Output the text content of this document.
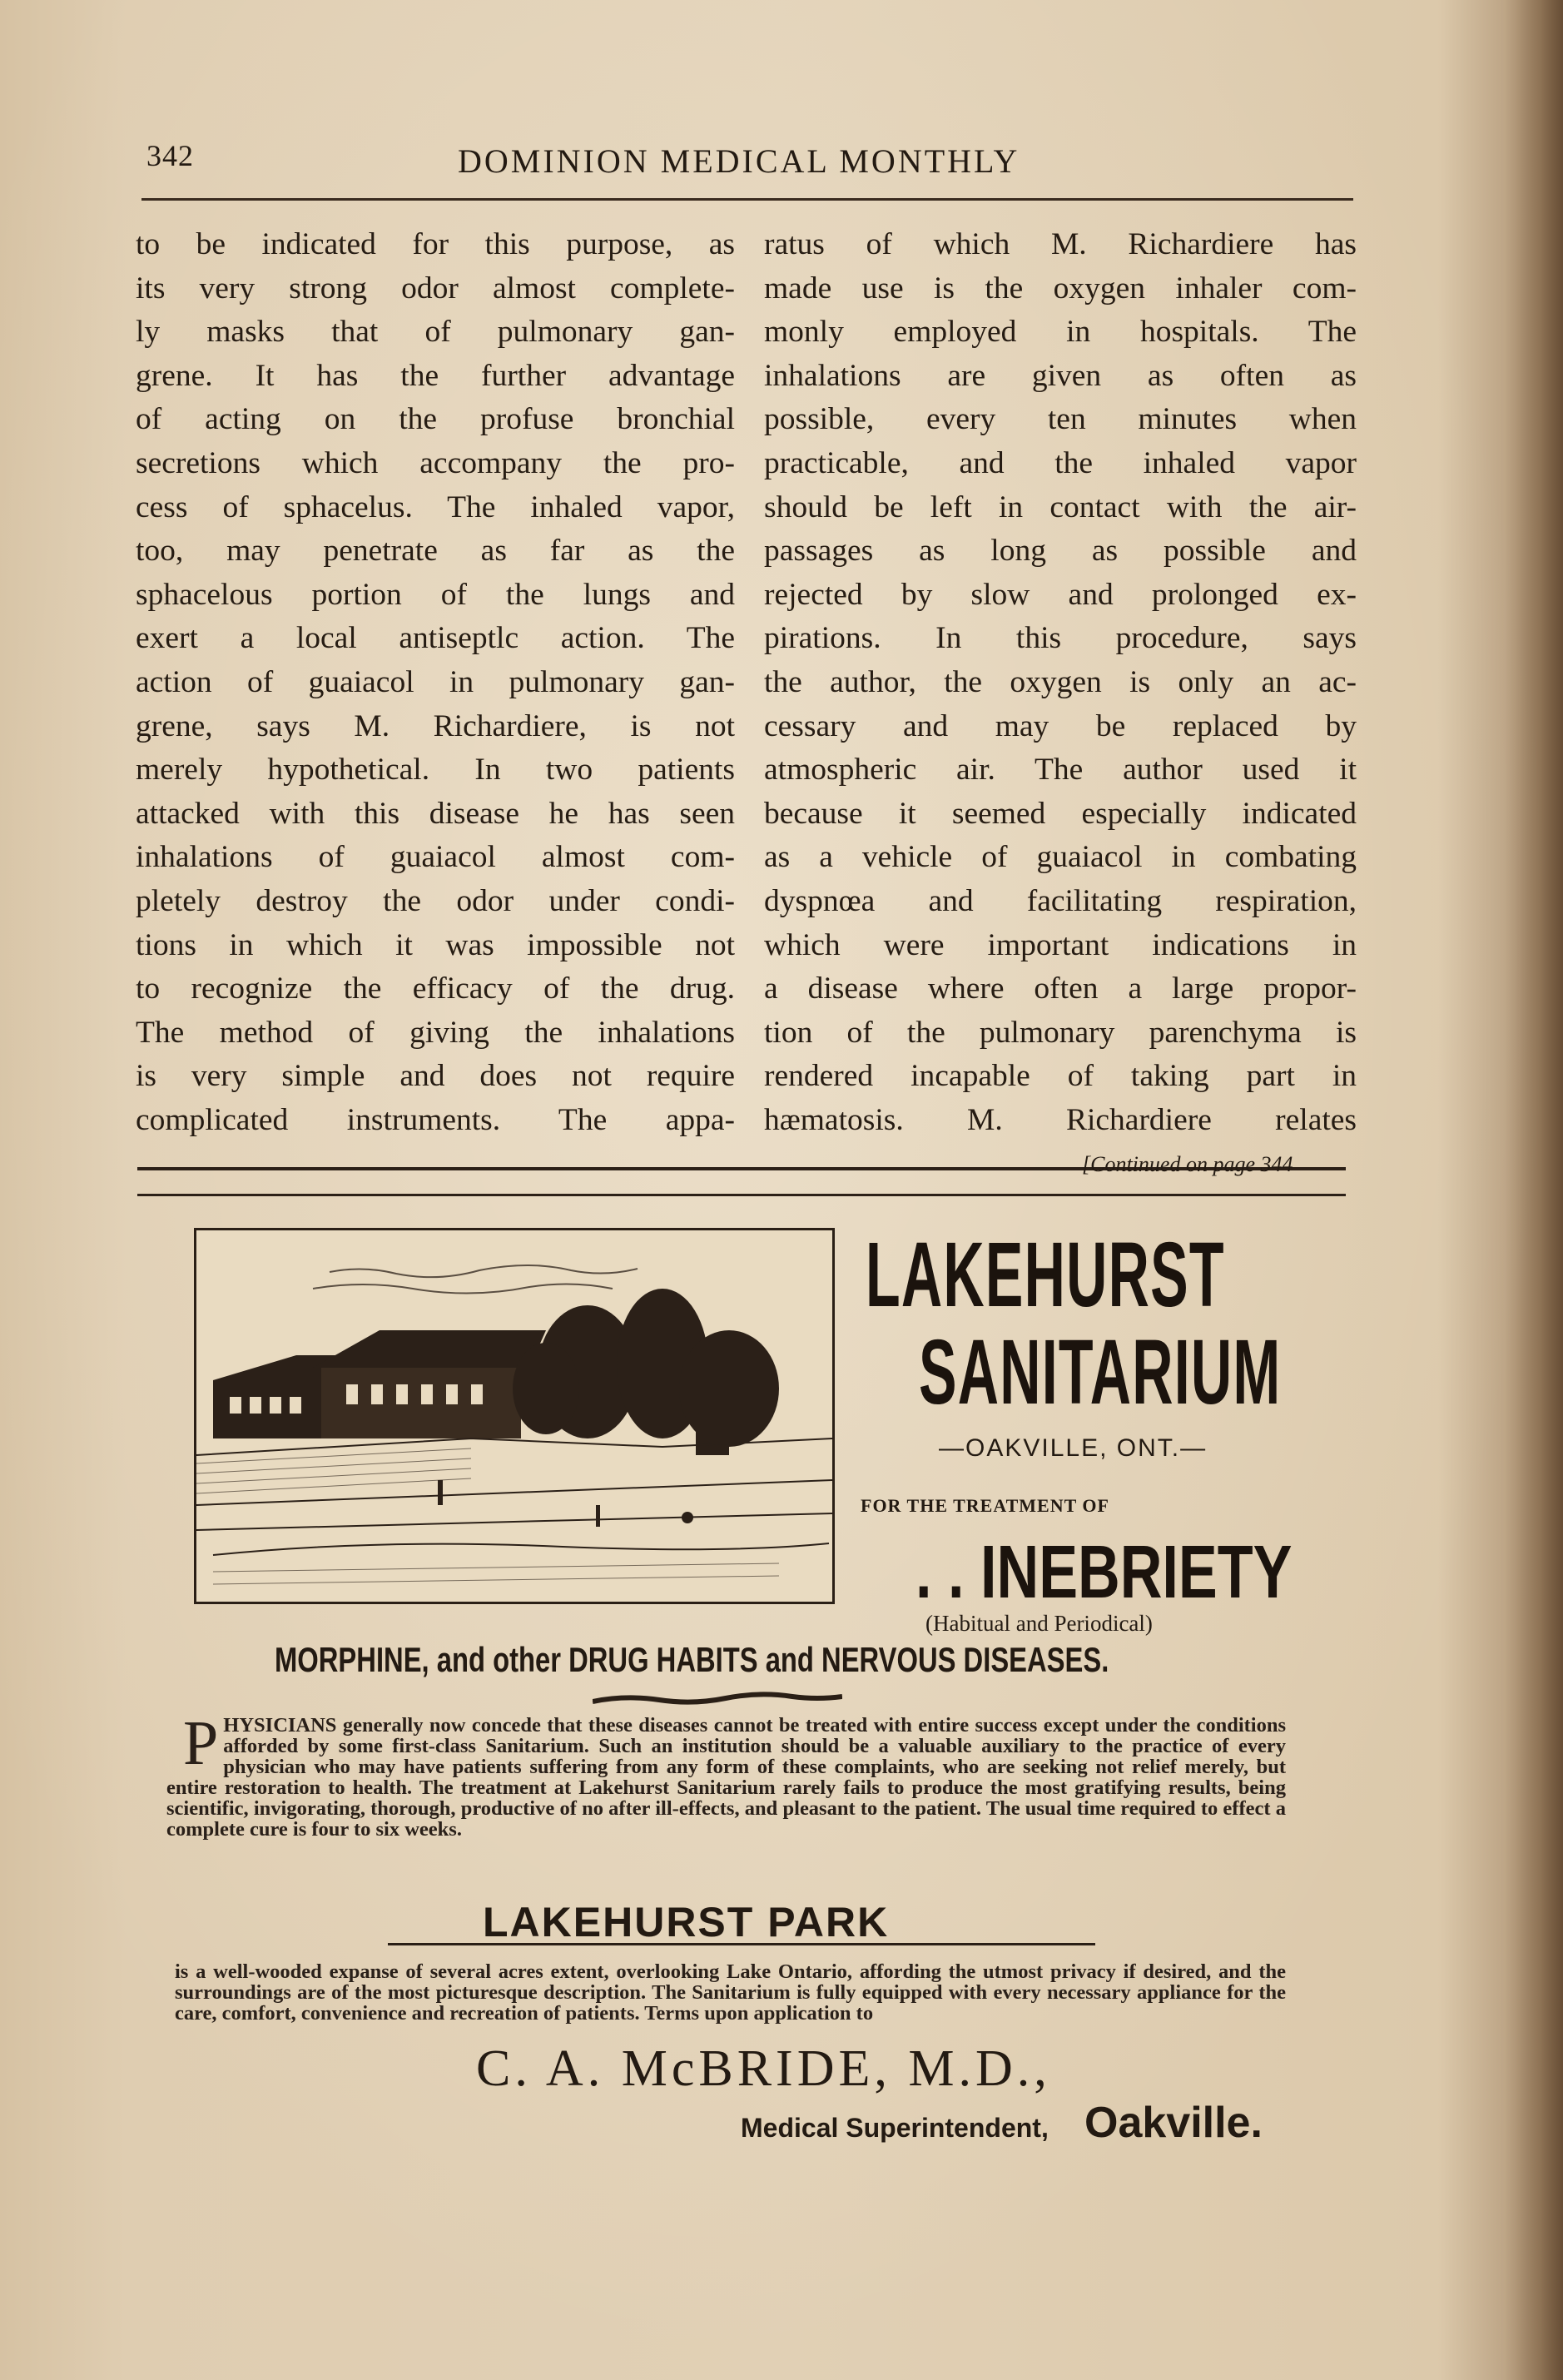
342	DOMINION MEDICAL MONTHLY
to be indicated for this purpose, as
its very strong odor almost complete-
ly masks that of pulmonary gan-
grene. It has the further advantage
of acting on the profuse bronchial
secretions which accompany the pro-
cess of sphacelus. The inhaled vapor,
too, may penetrate as far as the
sphacelous portion of the lungs and
exert a local antiseptlc action. The
action of guaiacol in pulmonary gan-
grene, says M. Richardiere, is not
merely hypothetical. In two patients
attacked with this disease he has seen
inhalations of guaiacol almost com-
pletely destroy the odor under condi-
tions in which it was impossible not
to recognize the efficacy of the drug.
The method of giving the inhalations
is very simple and does not require
complicated instruments. The appa-
ratus of which M. Richardiere has
made use is the oxygen inhaler com-
monly employed in hospitals. The
inhalations are given as often as
possible, every ten minutes when
practicable, and the inhaled vapor
should be left in contact with the air-
passages as long as possible and
rejected by slow and prolonged ex-
pirations. In this procedure, says
the author, the oxygen is only an ac-
cessary and may be replaced by
atmospheric air. The author used it
because it seemed especially indicated
as a vehicle of guaiacol in combating
dyspnœa and facilitating respiration,
which were important indications in
a disease where often a large propor-
tion of the pulmonary parenchyma is
rendered incapable of taking part in
hæmatosis. M. Richardiere relates
[Continued on page 344
LAKEHURST
SANITARIUM
—OAKVILLE, ONT.—
FOR THE TREATMENT OF
. . INEBRIETY
(Habitual and Periodical)
MORPHINE, and other DRUG HABITS and NERVOUS DISEASES.
P HYSICIANS generally now concede that these diseases cannot be treated with entire success except under the conditions afforded by some first-class Sanitarium. Such an institution should be a valuable auxiliary to the practice of every physician who may have patients suffering from any form of these complaints, who are seeking not relief merely, but entire restoration to health. The treatment at Lakehurst Sanitarium rarely fails to produce the most gratifying results, being scientific, invigorating, thorough, productive of no after ill-effects, and pleasant to the patient. The usual time required to effect a complete cure is four to six weeks.
LAKEHURST PARK
is a well-wooded expanse of several acres extent, overlooking Lake Ontario, affording the utmost privacy if desired, and the surroundings are of the most picturesque description. The Sanitarium is fully equipped with every necessary appliance for the care, comfort, convenience and recreation of patients. Terms upon application to
C. A. McBRIDE, M.D.,
Medical Superintendent, Oakville.
